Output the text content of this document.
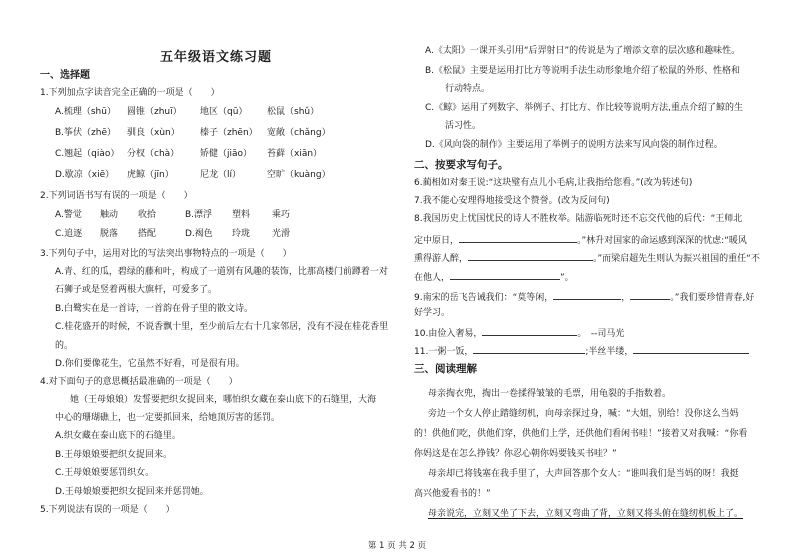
五年级语文练习题
一、选择题
1.下列加点字读音完全正确的一项是（　　）
A.梳理（shū） 圆锥（zhuī） 地区（qū） 松鼠（shǔ）
B.筝伏（zhē） 驯良（xùn） 榛子（zhēn） 宽敞（chǎng）
C.翘起（qiào） 分杈（chà） 矫健（jiāo） 苔藓（xiān）
D.歇凉（xiē） 虎鲸（jīn）	尼龙（lí）	空旷（kuàng）
2.下列词语书写有误的一项是（　　）
A.警觉 触动 收拾	B.漂浮 塑料 乘巧
C.追逐 脱落 搭配	D.褐色 玲珑 光滑
3.下列句子中，运用对比的写法突出事物特点的一项是（　　）
A.青、红的瓜，碧绿的藤和叶，构成了一道别有风趣的装饰，比那高楼门前蹲着一对
石狮子或是竖着两根大旗杆，可爱多了。
B.白鹭实在是一首诗，一首韵在骨子里的散文诗。
C.桂花盛开的时候，不说香飘十里，至少前后左右十几家邻居，没有不浸在桂花香里
的。
D.你们要像花生，它虽然不好看，可是很有用。
4.对下面句子的意思概括最准确的一项是（　　）
她（王母娘娘）发誓要把织女捉回来，哪怕织女藏在泰山底下的石缝里，大海
中心的珊瑚礁上，也一定要抓回来，给她顶厉害的惩罚。
A.织女藏在泰山底下的石缝里。
B.王母娘娘要把织女捉回来。
C.王母娘娘要惩罚织女。
D.王母娘娘要把织女捉回来并惩罚她。
5.下列说法有误的一项是（　　）
A.《太阳》一课开头引用“后羿射日”的传说是为了增添文章的层次感和趣味性。
B.《松鼠》主要是运用打比方等说明手法生动形象地介绍了松鼠的外形、性格和
行动特点。
C.《鲸》运用了列数字、举例子、打比方、作比较等说明方法,重点介绍了鲸的生
活习性。
D.《风向袋的制作》主要运用了举例子的说明方法来写风向袋的制作过程。
二、按要求写句子。
6.蔺相如对秦王说:“这块璧有点儿小毛病,让我指给您看。”(改为转述句)
7.我不能心安理得地接受这个赞誉。(改为反问句)
8.我国历史上忧国忧民的诗人不胜枚举。陆游临死时还不忘交代他的后代：“王师北
定中原日，	。”林升对国家的命运感到深深的忧虑:“暖风
熏得游人醉，	。”而梁启超先生则认为振兴祖国的重任“不
在他人，	”。
9.南宋的岳飞告诫我们：“莫等闲，	，	。”我们要珍惜青春,好
好学习。
10.由俭入奢易，	。　--司马光
11.一粥一饭，	;半丝半缕，
三、阅读理解
母亲掏衣兜，掏出一卷揉得皱皱的毛票，用龟裂的手指数着。
旁边一个女人停止踏缝纫机，向母亲探过身，喊：“大姐，别给！没你这么当妈
的！供他们吃，供他们穿，供他们上学，还供他们看闲书哇！”接着又对我喊：“你看
你妈这是在怎么挣钱？你忍心朝你妈要钱买书哇？”
母亲却已将钱塞在我手里了，大声回答那个女人：“谁叫我们是当妈的呀！我挺
高兴他爱看书的！”
母亲说完，立刻又坐了下去，立刻又弯曲了背，立刻又将头俯在缝纫机板上了。
第 1 页 共 2 页
